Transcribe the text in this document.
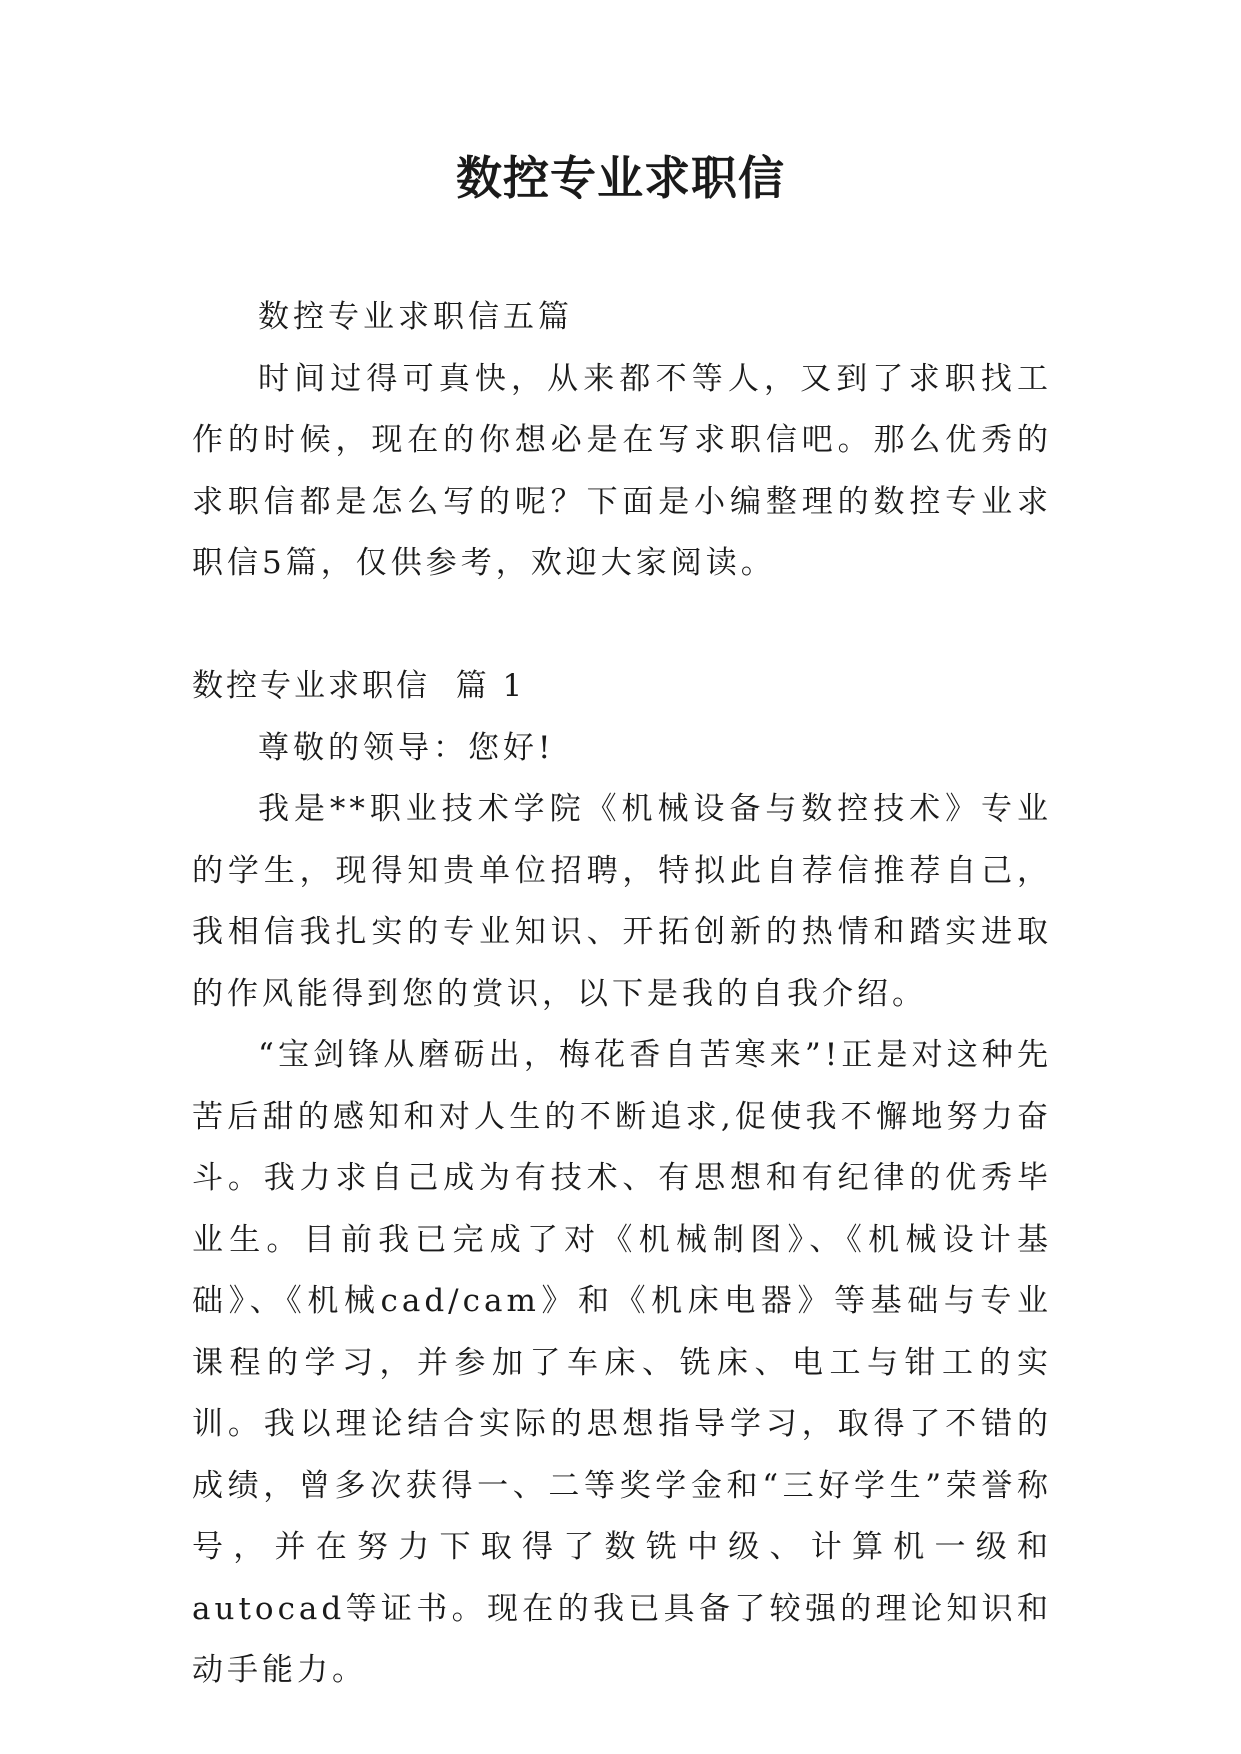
数控专业求职信

数控专业求职信五篇

时间过得可真快，从来都不等人，又到了求职找工作的时候，现在的你想必是在写求职信吧。那么优秀的求职信都是怎么写的呢？下面是小编整理的数控专业求职信5篇，仅供参考，欢迎大家阅读。

数控专业求职信  篇 1

尊敬的领导：您好!

我是**职业技术学院《机械设备与数控技术》专业的学生，现得知贵单位招聘，特拟此自荐信推荐自己，我相信我扎实的专业知识、开拓创新的热情和踏实进取的作风能得到您的赏识，以下是我的自我介绍。

“宝剑锋从磨砺出，梅花香自苦寒来”!正是对这种先苦后甜的感知和对人生的不断追求,促使我不懈地努力奋斗。我力求自己成为有技术、有思想和有纪律的优秀毕业生。目前我已完成了对《机械制图》、《机械设计基础》、《机械cad/cam》和《机床电器》等基础与专业课程的学习，并参加了车床、铣床、电工与钳工的实训。我以理论结合实际的思想指导学习，取得了不错的成绩，曾多次获得一、二等奖学金和“三好学生”荣誉称号，并在努力下取得了数铣中级、计算机一级和autocad等证书。现在的我已具备了较强的理论知识和动手能力。
